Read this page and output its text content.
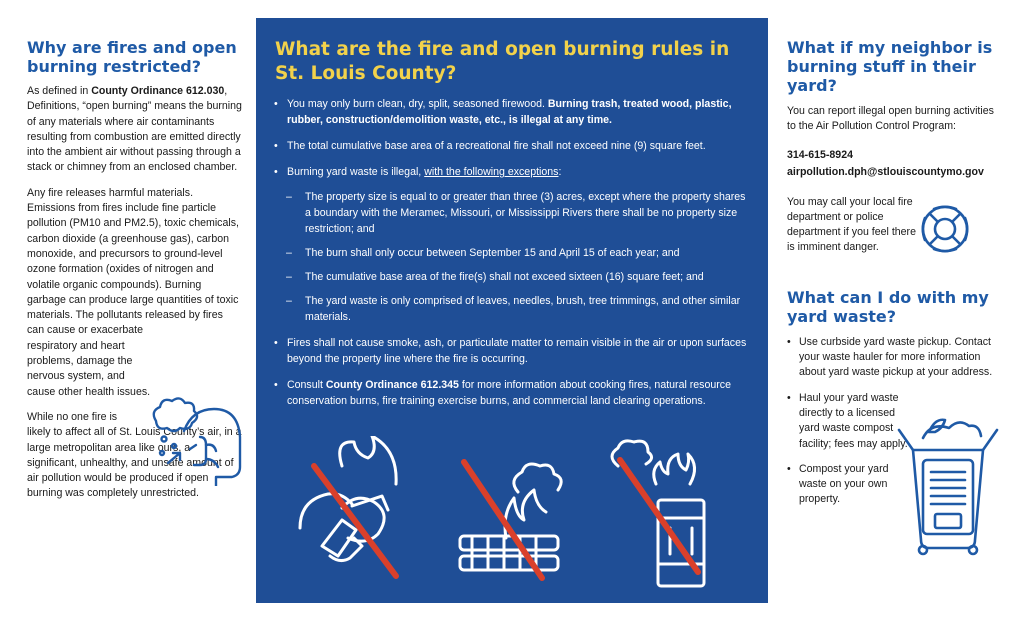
Why are fires and open burning restricted?

As defined in County Ordinance 612.030, Definitions, “open burning” means the burning of any materials where air contaminants resulting from combustion are emitted directly into the ambient air without passing through a stack or chimney from an enclosed chamber.

Any fire releases harmful materials. Emissions from fires include fine particle pollution (PM10 and PM2.5), toxic chemicals, carbon dioxide (a greenhouse gas), carbon monoxide, and precursors to ground-level ozone formation (oxides of nitrogen and volatile organic compounds). Burning garbage can produce large quantities of toxic materials. The pollutants released by fires
can cause or exacerbate respiratory and heart problems, damage the nervous system, and cause other health issues.

While no one fire is
likely to affect all of St. Louis County’s air, in a large metropolitan area like ours, a significant, unhealthy, and unsafe amount of air pollution would be produced if open burning was completely unrestricted.

What are the fire and open burning rules in St. Louis County?
• You may only burn clean, dry, split, seasoned firewood. Burning trash, treated wood, plastic, rubber, construction/demolition waste, etc., is illegal at any time.
• The total cumulative base area of a recreational fire shall not exceed nine (9) square feet.
• Burning yard waste is illegal, with the following exceptions:
– The property size is equal to or greater than three (3) acres, except where the property shares a boundary with the Meramec, Missouri, or Mississippi Rivers there shall be no property size restriction; and
– The burn shall only occur between September 15 and April 15 of each year; and
– The cumulative base area of the fire(s) shall not exceed sixteen (16) square feet; and
– The yard waste is only comprised of leaves, needles, brush, tree trimmings, and other similar materials.
• Fires shall not cause smoke, ash, or particulate matter to remain visible in the air or upon surfaces beyond the property line where the fire is occurring.
• Consult County Ordinance 612.345 for more information about cooking fires, natural resource conservation burns, fire training exercise burns, and commercial land clearing operations.
What if my neighbor is burning stuff in their yard?

You can report illegal open burning activities to the Air Pollution Control Program:

314-615-8924
airpollution.dph@stlouiscountymo.gov

You may call your local fire department or police department if you feel there is imminent danger.

What can I do with my yard waste?
• Use curbside yard waste pickup. Contact your waste hauler for more information about yard waste pickup at your address.
• Haul your yard waste directly to a licensed yard waste compost facility; fees may apply.
• Compost your yard waste on your own property.
